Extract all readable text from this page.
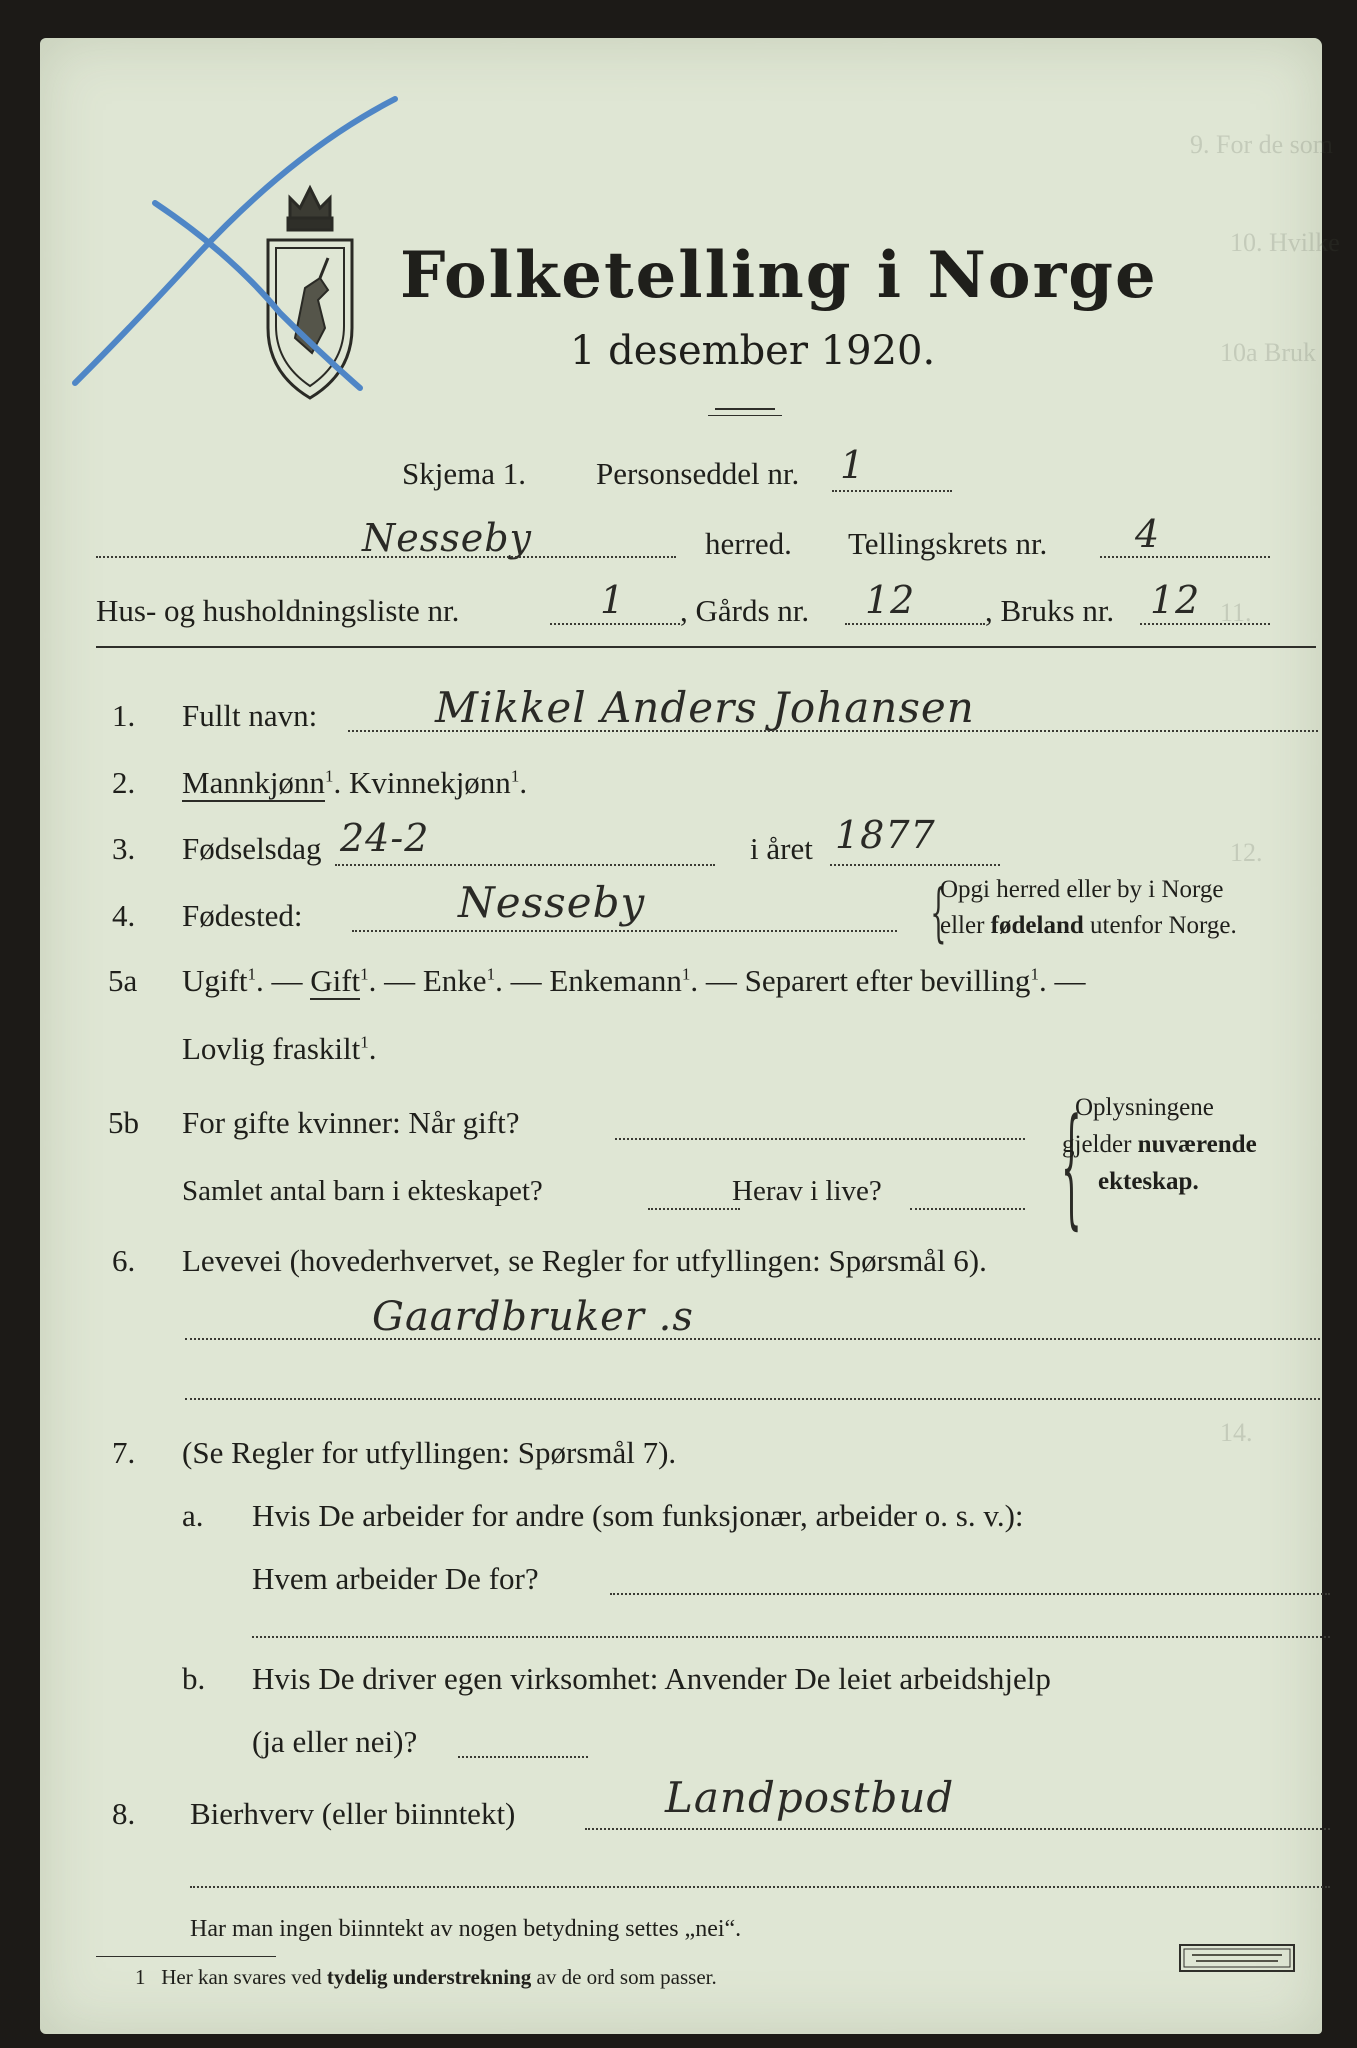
9. For de som
10. Hvilke
10a Bruk
11.
12.
14.
Folketelling i Norge
1 desember 1920.
Skjema 1. Personseddel nr. 1
Nesseby	herred. Tellingskrets nr. 4
Hus- og husholdningsliste nr.	1 , Gårds nr. 12 , Bruks nr. 12
1. Fullt navn:	Mikkel Anders Johansen
2. Mannkjønn$^1$. Kvinnekjønn$^1$.
3. Fødselsdag 24-2	i året 1877
4. Fødested:	Nesseby	{
Opgi herred eller by i Norge
eller fødeland utenfor Norge.
5a Ugift$^1$. — Gift$^1$. — Enke$^1$. — Enkemann$^1$. — Separert efter bevilling$^1$. —
Lovlig fraskilt$^1$.
5b For gifte kvinner: Når gift?
Samlet antal barn i ekteskapet?	Herav i live? {
Oplysningene
gjelder nuværende
ekteskap.
6. Levevei (hovederhvervet, se Regler for utfyllingen: Spørsmål 6).
Gaardbruker .s
7. (Se Regler for utfyllingen: Spørsmål 7).
a. Hvis De arbeider for andre (som funksjonær, arbeider o. s. v.):
Hvem arbeider De for?
b. Hvis De driver egen virksomhet: Anvender De leiet arbeidshjelp
(ja eller nei)?
8. Bierhverv (eller biinntekt)	Landpostbud
Har man ingen biinntekt av nogen betydning settes „nei“.
1 Her kan svares ved tydelig understrekning av de ord som passer.
